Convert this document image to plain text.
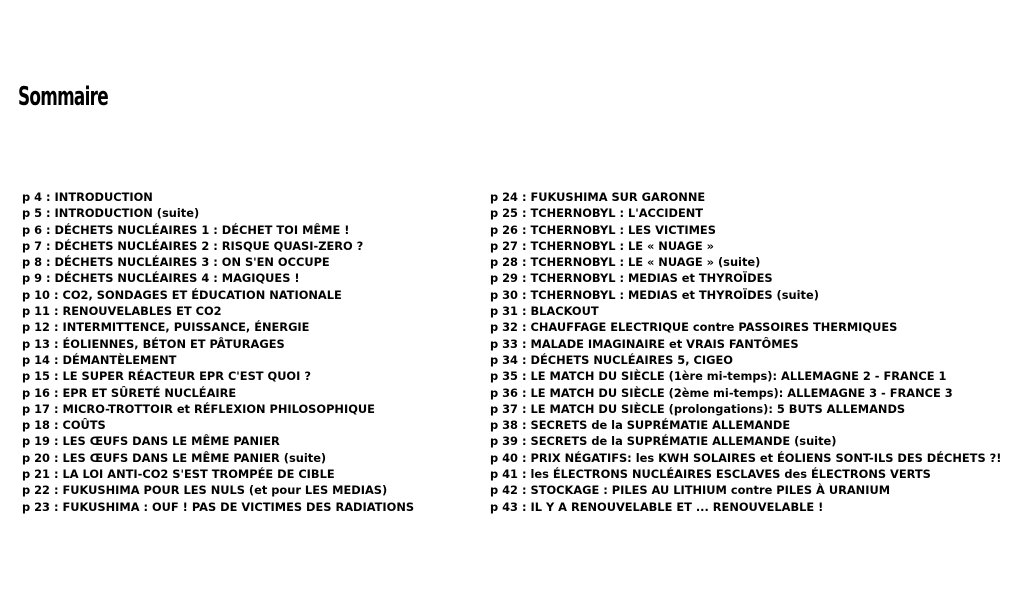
Sommaire
p 4 : INTRODUCTION
p 5 : INTRODUCTION (suite)
p 6 : DÉCHETS NUCLÉAIRES 1 : DÉCHET TOI MÊME !
p 7 : DÉCHETS NUCLÉAIRES 2 : RISQUE QUASI-ZERO ?
p 8 : DÉCHETS NUCLÉAIRES 3 : ON S'EN OCCUPE
p 9 : DÉCHETS NUCLÉAIRES 4 : MAGIQUES !
p 10 : CO2, SONDAGES ET ÉDUCATION NATIONALE
p 11 : RENOUVELABLES ET CO2
p 12 : INTERMITTENCE, PUISSANCE, ÉNERGIE
p 13 : ÉOLIENNES, BÉTON ET PÂTURAGES
p 14 : DÉMANTÈLEMENT
p 15 : LE SUPER RÉACTEUR EPR C'EST QUOI ?
p 16 : EPR ET SÛRETÉ NUCLÉAIRE
p 17 : MICRO-TROTTOIR et RÉFLEXION PHILOSOPHIQUE
p 18 : COÛTS
p 19 : LES ŒUFS DANS LE MÊME PANIER
p 20 : LES ŒUFS DANS LE MÊME PANIER (suite)
p 21 : LA LOI ANTI-CO2 S'EST TROMPÉE DE CIBLE
p 22 : FUKUSHIMA POUR LES NULS (et pour LES MEDIAS)
p 23 : FUKUSHIMA : OUF ! PAS DE VICTIMES DES RADIATIONS
p 24 : FUKUSHIMA SUR GARONNE
p 25 : TCHERNOBYL : L'ACCIDENT
p 26 : TCHERNOBYL : LES VICTIMES
p 27 : TCHERNOBYL : LE « NUAGE »
p 28 : TCHERNOBYL : LE « NUAGE » (suite)
p 29 : TCHERNOBYL : MEDIAS et THYROÏDES
p 30 : TCHERNOBYL : MEDIAS et THYROÏDES (suite)
p 31 : BLACKOUT
p 32 : CHAUFFAGE ELECTRIQUE contre PASSOIRES THERMIQUES
p 33 : MALADE IMAGINAIRE et VRAIS FANTÔMES
p 34 : DÉCHETS NUCLÉAIRES 5, CIGEO
p 35 : LE MATCH DU SIÈCLE (1ère mi-temps): ALLEMAGNE 2 - FRANCE 1
p 36 : LE MATCH DU SIÈCLE (2ème mi-temps): ALLEMAGNE 3 - FRANCE 3
p 37 : LE MATCH DU SIÈCLE (prolongations): 5 BUTS ALLEMANDS
p 38 : SECRETS de la SUPRÉMATIE ALLEMANDE
p 39 : SECRETS de la SUPRÉMATIE ALLEMANDE (suite)
p 40 : PRIX NÉGATIFS: les KWH SOLAIRES et ÉOLIENS SONT-ILS DES DÉCHETS ?!
p 41 : les ÉLECTRONS NUCLÉAIRES ESCLAVES des ÉLECTRONS VERTS
p 42 : STOCKAGE : PILES AU LITHIUM contre PILES À URANIUM
p 43 : IL Y A RENOUVELABLE ET ... RENOUVELABLE !
